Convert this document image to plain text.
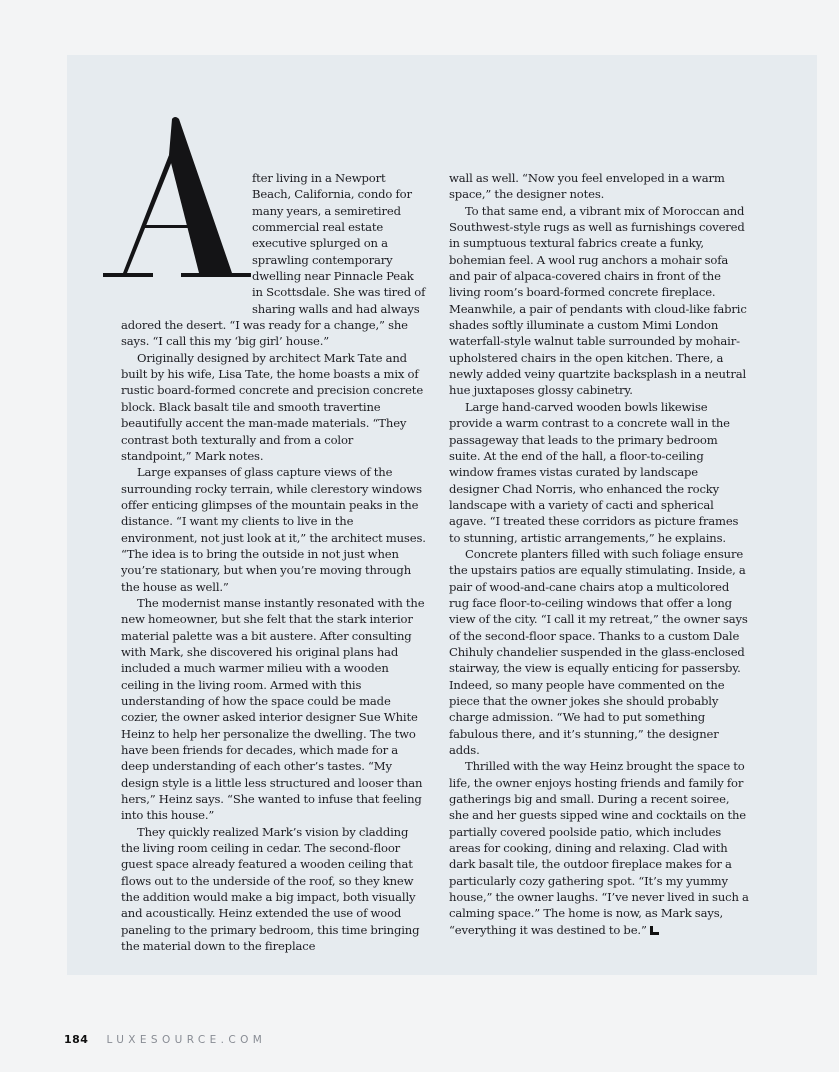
fter living in a Newport Beach, California, condo for many years, a semiretired commercial real estate executive splurged on a sprawling contemporary dwelling near Pinnacle Peak in Scottsdale. She was tired of sharing walls and had always adored the desert. “I was ready for a change,” she says. “I call this my ‘big girl’ house.”

Originally designed by architect Mark Tate and built by his wife, Lisa Tate, the home boasts a mix of rustic board-formed concrete and precision concrete block. Black basalt tile and smooth travertine beautifully accent the man-made materials. “They contrast both texturally and from a color standpoint,” Mark notes.

Large expanses of glass capture views of the surrounding rocky terrain, while clerestory windows offer enticing glimpses of the mountain peaks in the distance. “I want my clients to live in the environment, not just look at it,” the architect muses. “The idea is to bring the outside in not just when you’re stationary, but when you’re moving through the house as well.”

The modernist manse instantly resonated with the new homeowner, but she felt that the stark interior material palette was a bit austere. After consulting with Mark, she discovered his original plans had included a much warmer milieu with a wooden ceiling in the living room. Armed with this understanding of how the space could be made cozier, the owner asked interior designer Sue White Heinz to help her personalize the dwelling. The two have been friends for decades, which made for a deep understanding of each other’s tastes. “My design style is a little less structured and looser than hers,” Heinz says. “She wanted to infuse that feeling into this house.”

They quickly realized Mark’s vision by cladding the living room ceiling in cedar. The second-floor guest space already featured a wooden ceiling that flows out to the underside of the roof, so they knew the addition would make a big impact, both visually and acoustically. Heinz extended the use of wood paneling to the primary bedroom, this time bringing the material down to the fireplace

wall as well. “Now you feel enveloped in a warm space,” the designer notes.

To that same end, a vibrant mix of Moroccan and Southwest-style rugs as well as furnishings covered in sumptuous textural fabrics create a funky, bohemian feel. A wool rug anchors a mohair sofa and pair of alpaca-covered chairs in front of the living room’s board-formed concrete fireplace. Meanwhile, a pair of pendants with cloud-like fabric shades softly illuminate a custom Mimi London waterfall-style walnut table surrounded by mohair-upholstered chairs in the open kitchen. There, a newly added veiny quartzite backsplash in a neutral hue juxtaposes glossy cabinetry.

Large hand-carved wooden bowls likewise provide a warm contrast to a concrete wall in the passageway that leads to the primary bedroom suite. At the end of the hall, a floor-to-ceiling window frames vistas curated by landscape designer Chad Norris, who enhanced the rocky landscape with a variety of cacti and spherical agave. “I treated these corridors as picture frames to stunning, artistic arrangements,” he explains.

Concrete planters filled with such foliage ensure the upstairs patios are equally stimulating. Inside, a pair of wood-and-cane chairs atop a multicolored rug face floor-to-ceiling windows that offer a long view of the city. “I call it my retreat,” the owner says of the second-floor space. Thanks to a custom Dale Chihuly chandelier suspended in the glass-enclosed stairway, the view is equally enticing for passersby. Indeed, so many people have commented on the piece that the owner jokes she should probably charge admission. “We had to put something fabulous there, and it’s stunning,” the designer adds.

Thrilled with the way Heinz brought the space to life, the owner enjoys hosting friends and family for gatherings big and small. During a recent soiree, she and her guests sipped wine and cocktails on the partially covered poolside patio, which includes areas for cooking, dining and relaxing. Clad with dark basalt tile, the outdoor fireplace makes for a particularly cozy gathering spot. “It’s my yummy house,” the owner laughs. “I’ve never lived in such a calming space.” The home is now, as Mark says, “everything it was destined to be.”

184 LUXESOURCE.COM
